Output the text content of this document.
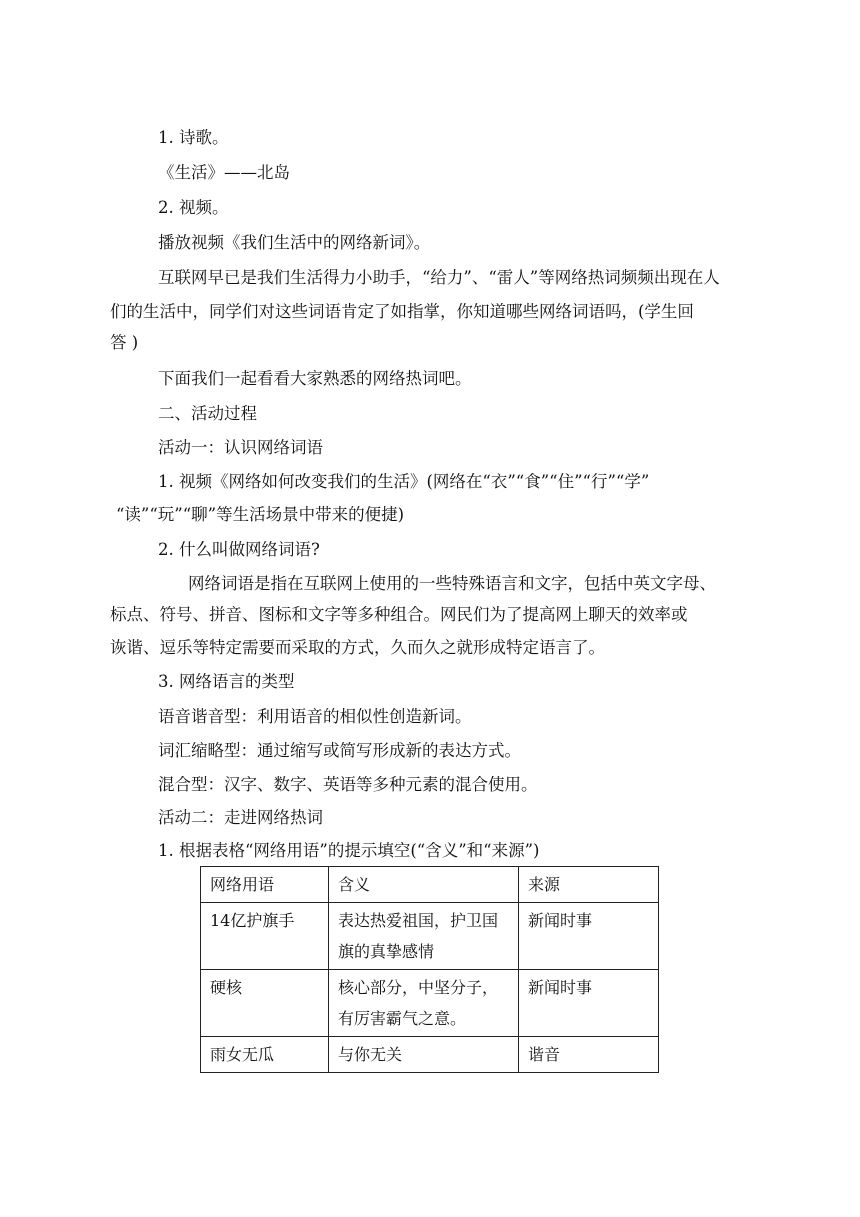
1. 诗歌。
《生活》——北岛
2. 视频。
播放视频《我们生活中的网络新词》。
互联网早已是我们生活得力小助手，“给力”、“雷人”等网络热词频频出现在人
们的生活中，同学们对这些词语肯定了如指掌，你知道哪些网络词语吗，(学生回
答 )
下面我们一起看看大家熟悉的网络热词吧。
二、活动过程
活动一：认识网络词语
1. 视频《网络如何改变我们的生活》(网络在“衣”“食”“住”“行”“学”
“读”“玩”“聊”等生活场景中带来的便捷)
2. 什么叫做网络词语?
网络词语是指在互联网上使用的一些特殊语言和文字，包括中英文字母、
标点、符号、拼音、图标和文字等多种组合。网民们为了提高网上聊天的效率或
诙谐、逗乐等特定需要而采取的方式，久而久之就形成特定语言了。
3. 网络语言的类型
语音谐音型：利用语音的相似性创造新词。
词汇缩略型：通过缩写或简写形成新的表达方式。
混合型：汉字、数字、英语等多种元素的混合使用。
活动二：走进网络热词
1. 根据表格“网络用语”的提示填空(“含义”和“来源”)
网络用语	含义	来源
14亿护旗手	表达热爱祖国，护卫国旗的真挚感情	新闻时事
硬核	核心部分，中坚分子，有厉害霸气之意。	新闻时事
雨女无瓜	与你无关	谐音
